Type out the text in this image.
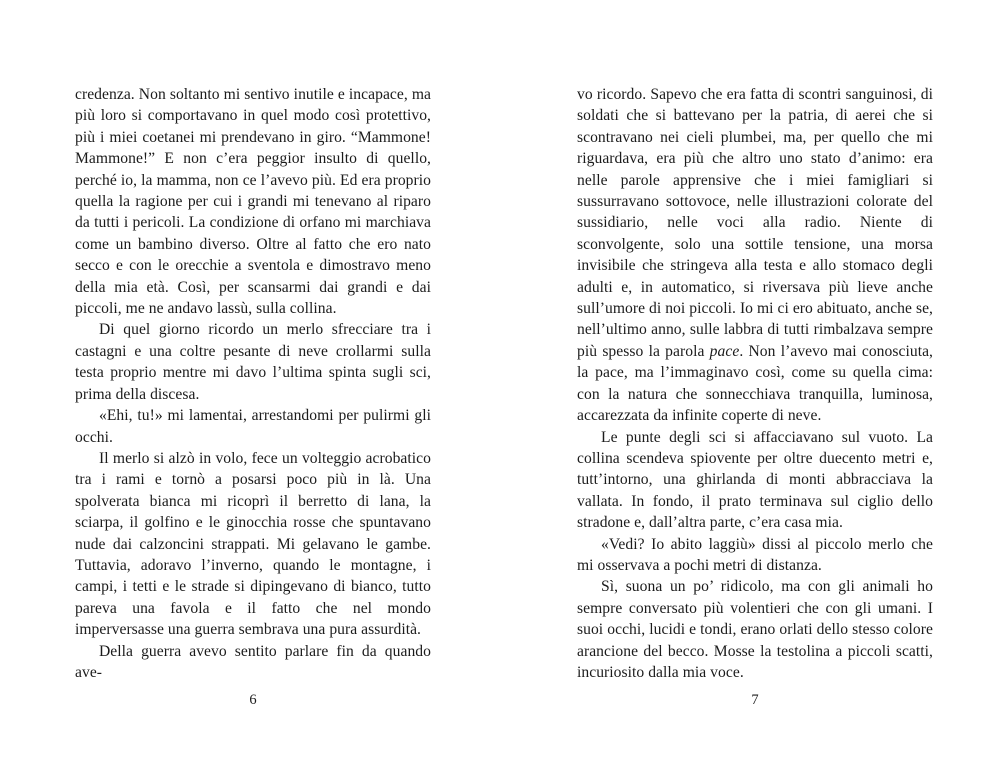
credenza. Non soltanto mi sentivo inutile e incapace, ma più loro si comportavano in quel modo così protettivo, più i miei coetanei mi prendevano in giro. “Mammone! Mammone!” E non c’era peggior insulto di quello, perché io, la mamma, non ce l’avevo più. Ed era proprio quella la ragione per cui i grandi mi tenevano al riparo da tutti i pericoli. La condizione di orfano mi marchiava come un bambino diverso. Oltre al fatto che ero nato secco e con le orecchie a sventola e dimostravo meno della mia età. Così, per scansarmi dai grandi e dai piccoli, me ne andavo lassù, sulla collina.

Di quel giorno ricordo un merlo sfrecciare tra i castagni e una coltre pesante di neve crollarmi sulla testa proprio mentre mi davo l’ultima spinta sugli sci, prima della discesa.

«Ehi, tu!» mi lamentai, arrestandomi per pulirmi gli occhi.

Il merlo si alzò in volo, fece un volteggio acrobatico tra i rami e tornò a posarsi poco più in là. Una spolverata bianca mi ricoprì il berretto di lana, la sciarpa, il golfino e le ginocchia rosse che spuntavano nude dai calzoncini strappati. Mi gelavano le gambe. Tuttavia, adoravo l’inverno, quando le montagne, i campi, i tetti e le strade si dipingevano di bianco, tutto pareva una favola e il fatto che nel mondo imperversasse una guerra sembrava una pura assurdità.

Della guerra avevo sentito parlare fin da quando ave-

6

vo ricordo. Sapevo che era fatta di scontri sanguinosi, di soldati che si battevano per la patria, di aerei che si scontravano nei cieli plumbei, ma, per quello che mi riguardava, era più che altro uno stato d’animo: era nelle parole apprensive che i miei famigliari si sussurravano sottovoce, nelle illustrazioni colorate del sussidiario, nelle voci alla radio. Niente di sconvolgente, solo una sottile tensione, una morsa invisibile che stringeva alla testa e allo stomaco degli adulti e, in automatico, si riversava più lieve anche sull’umore di noi piccoli. Io mi ci ero abituato, anche se, nell’ultimo anno, sulle labbra di tutti rimbalzava sempre più spesso la parola pace. Non l’avevo mai conosciuta, la pace, ma l’immaginavo così, come su quella cima: con la natura che sonnecchiava tranquilla, luminosa, accarezzata da infinite coperte di neve.

Le punte degli sci si affacciavano sul vuoto. La collina scendeva spiovente per oltre duecento metri e, tutt’intorno, una ghirlanda di monti abbracciava la vallata. In fondo, il prato terminava sul ciglio dello stradone e, dall’altra parte, c’era casa mia.

«Vedi? Io abito laggiù» dissi al piccolo merlo che mi osservava a pochi metri di distanza.

Sì, suona un po’ ridicolo, ma con gli animali ho sempre conversato più volentieri che con gli umani. I suoi occhi, lucidi e tondi, erano orlati dello stesso colore arancione del becco. Mosse la testolina a piccoli scatti, incuriosito dalla mia voce.

7
